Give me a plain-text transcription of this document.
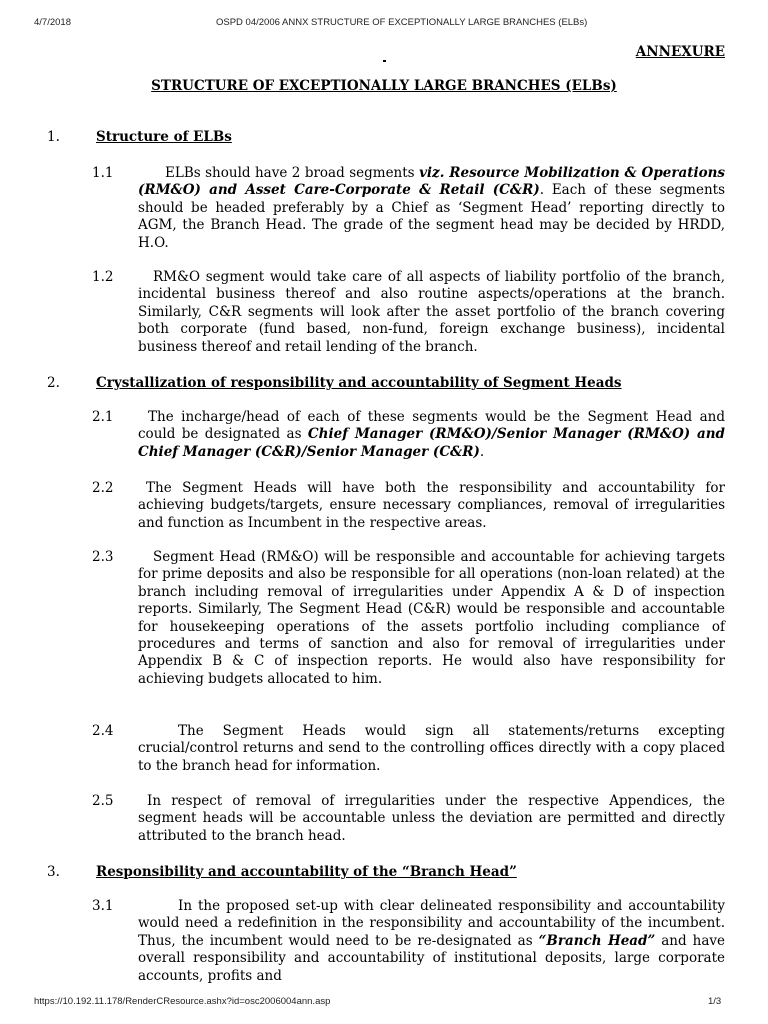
4/7/2018	OSPD 04/2006 ANNX STRUCTURE OF EXCEPTIONALLY LARGE BRANCHES (ELBs)
ANNEXURE
STRUCTURE OF EXCEPTIONALLY LARGE BRANCHES (ELBs)
1.	Structure of ELBs
1.1	ELBs should have 2 broad segments viz. Resource Mobilization & Operations (RM&O) and Asset Care-Corporate & Retail (C&R). Each of these segments should be headed preferably by a Chief as ‘Segment Head’ reporting directly to AGM, the Branch Head. The grade of the segment head may be decided by HRDD, H.O.
1.2	RM&O segment would take care of all aspects of liability portfolio of the branch, incidental business thereof and also routine aspects/operations at the branch. Similarly, C&R segments will look after the asset portfolio of the branch covering both corporate (fund based, non-fund, foreign exchange business), incidental business thereof and retail lending of the branch.
2.	Crystallization of responsibility and accountability of Segment Heads
2.1	The incharge/head of each of these segments would be the Segment Head and could be designated as Chief Manager (RM&O)/Senior Manager (RM&O) and Chief Manager (C&R)/Senior Manager (C&R).
2.2	The Segment Heads will have both the responsibility and accountability for achieving budgets/targets, ensure necessary compliances, removal of irregularities and function as Incumbent in the respective areas.
2.3	Segment Head (RM&O) will be responsible and accountable for achieving targets for prime deposits and also be responsible for all operations (non-loan related) at the branch including removal of irregularities under Appendix A & D of inspection reports. Similarly, The Segment Head (C&R) would be responsible and accountable for housekeeping operations of the assets portfolio including compliance of procedures and terms of sanction and also for removal of irregularities under Appendix B & C of inspection reports. He would also have responsibility for achieving budgets allocated to him.
2.4	The Segment Heads would sign all statements/returns excepting crucial/control returns and send to the controlling offices directly with a copy placed to the branch head for information.
2.5	In respect of removal of irregularities under the respective Appendices, the segment heads will be accountable unless the deviation are permitted and directly attributed to the branch head.
3.	Responsibility and accountability of the “Branch Head”
3.1	In the proposed set-up with clear delineated responsibility and accountability would need a redefinition in the responsibility and accountability of the incumbent. Thus, the incumbent would need to be re-designated as “Branch Head” and have overall responsibility and accountability of institutional deposits, large corporate accounts, profits and
https://10.192.11.178/RenderCResource.ashx?id=osc2006004ann.asp	1/3
